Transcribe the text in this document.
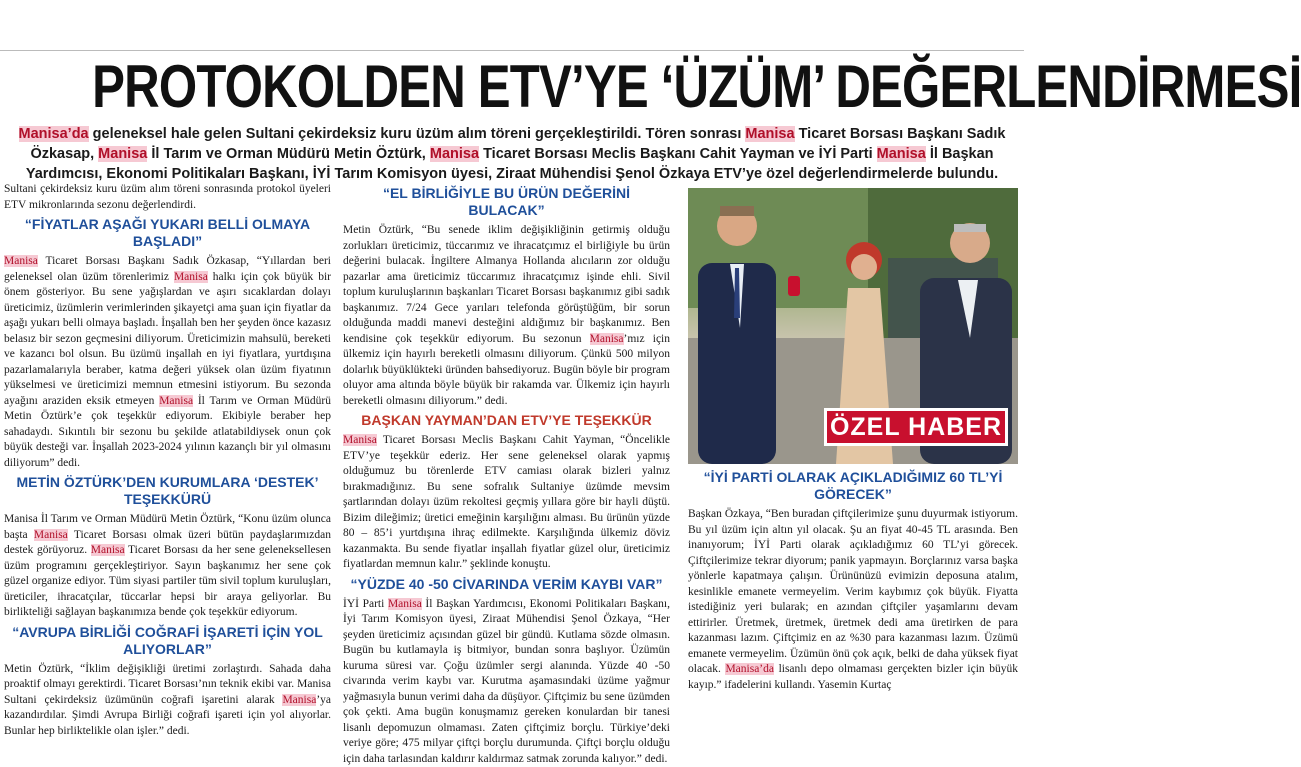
PROTOKOLDEN ETV’YE ‘ÜZÜM’ DEĞERLENDİRMESİ
Manisa’da geleneksel hale gelen Sultani çekirdeksiz kuru üzüm alım töreni gerçekleştirildi. Tören sonrası Manisa Ticaret Borsası Başkanı Sadık Özkasap, Manisa İl Tarım ve Orman Müdürü Metin Öztürk, Manisa Ticaret Borsası Meclis Başkanı Cahit Yayman ve İYİ Parti Manisa İl Başkan Yardımcısı, Ekonomi Politikaları Başkanı, İYİ Tarım Komisyon üyesi, Ziraat Mühendisi Şenol Özkaya ETV’ye özel değerlendirmelerde bulundu.

Sultani çekirdeksiz kuru üzüm alım töreni sonrasında protokol üyeleri ETV mikronlarında sezonu değerlendirdi.

“FİYATLAR AŞAĞI YUKARI BELLİ OLMAYA BAŞLADI”

Manisa Ticaret Borsası Başkanı Sadık Özkasap, “Yıllardan beri geleneksel olan üzüm törenlerimiz Manisa halkı için çok büyük bir önem gösteriyor. Bu sene yağışlardan ve aşırı sıcaklardan dolayı üreticimiz, üzümlerin verimlerinden şikayetçi ama şuan için fiyatlar da aşağı yukarı belli olmaya başladı. İnşallah ben her şeyden önce kazasız belasız bir sezon geçmesini diliyorum. Üreticimizin mahsulü, bereketi ve kazancı bol olsun. Bu üzümü inşallah en iyi fiyatlara, yurtdışına pazarlamalarıyla beraber, katma değeri yüksek olan üzüm fiyatının yükselmesi ve üreticimizi memnun etmesini istiyorum. Bu sezonda ayağını araziden eksik etmeyen Manisa İl Tarım ve Orman Müdürü Metin Öztürk’e çok teşekkür ediyorum. Ekibiyle beraber hep sahadaydı. Sıkıntılı bir sezonu bu şekilde atlatabildiysek onun çok büyük desteği var. İnşallah 2023-2024 yılının kazançlı bir yıl olmasını diliyorum” dedi.

METİN ÖZTÜRK’DEN KURUMLARA ‘DESTEK’ TEŞEKKÜRÜ

Manisa İl Tarım ve Orman Müdürü Metin Öztürk, “Konu üzüm olunca başta Manisa Ticaret Borsası olmak üzeri bütün paydaşlarımızdan destek görüyoruz. Manisa Ticaret Borsası da her sene geleneksellesen üzüm programını gerçekleştiriyor. Sayın başkanımız her sene çok güzel organize ediyor. Tüm siyasi partiler tüm sivil toplum kuruluşları, üreticiler, ihracatçılar, tüccarlar hepsi bir araya geliyorlar. Bu birlikteliği sağlayan başkanımıza bende çok teşekkür ediyorum.

“AVRUPA BİRLİĞİ COĞRAFİ İŞARETİ İÇİN YOL ALIYORLAR”

Metin Öztürk, “İklim değişikliği üretimi zorlaştırdı. Sahada daha proaktif olmayı gerektirdi. Ticaret Borsası’nın teknik ekibi var. Manisa Sultani çekirdeksiz üzümünün coğrafi işaretini alarak Manisa’ya kazandırdılar. Şimdi Avrupa Birliği coğrafi işareti için yol alıyorlar. Bunlar hep birliktelikle olan işler.” dedi.

“EL BİRLİĞİYLE BU ÜRÜN DEĞERİNİ BULACAK”

Metin Öztürk, “Bu senede iklim değişikliğinin getirmiş olduğu zorlukları üreticimiz, tüccarımız ve ihracatçımız el birliğiyle bu ürün değerini bulacak. İngiltere Almanya Hollanda alıcıların zor olduğu pazarlar ama üreticimiz tüccarımız ihracatçımız işinde ehli. Sivil toplum kuruluşlarının başkanları Ticaret Borsası başkanımız gibi sadık başkanımız. 7/24 Gece yarıları telefonda görüştüğüm, bir sorun olduğunda maddi manevi desteğini aldığımız bir başkanımız. Ben kendisine çok teşekkür ediyorum. Bu sezonun Manisa’mız için ülkemiz için hayırlı bereketli olmasını diliyorum. Çünkü 500 milyon dolarlık büyüklükteki üründen bahsediyoruz. Bugün böyle bir program oluyor ama altında böyle büyük bir rakamda var. Ülkemiz için hayırlı bereketli olmasını diliyorum.” dedi.

BAŞKAN YAYMAN’DAN ETV’YE TEŞEKKÜR

Manisa Ticaret Borsası Meclis Başkanı Cahit Yayman, “Öncelikle ETV’ye teşekkür ederiz. Her sene geleneksel olarak yapmış olduğumuz bu törenlerde ETV camiası olarak bizleri yalnız bırakmadığınız. Bu sene sofralık Sultaniye üzümde mevsim şartlarından dolayı üzüm rekoltesi geçmiş yıllara göre bir hayli düştü. Bizim dileğimiz; üretici emeğinin karşılığını alması. Bu ürünün yüzde 80 – 85’i yurtdışına ihraç edilmekte. Karşılığında ülkemiz döviz kazanmakta. Bu sende fiyatlar inşallah fiyatlar güzel olur, üreticimiz fiyatlardan memnun kalır.” şeklinde konuştu.

“YÜZDE 40 -50 CİVARINDA VERİM KAYBI VAR”

İYİ Parti Manisa İl Başkan Yardımcısı, Ekonomi Politikaları Başkanı, İyi Tarım Komisyon üyesi, Ziraat Mühendisi Şenol Özkaya, “Her şeyden üreticimiz açısından güzel bir gündü. Kutlama sözde olmasın. Bugün bu kutlamayla iş bitmiyor, bundan sonra başlıyor. Üzümün kuruma süresi var. Çoğu üzümler sergi alanında. Yüzde 40 -50 civarında verim kaybı var. Kurutma aşamasındaki üzüme yağmur yağmasıyla bunun verimi daha da düşüyor. Çiftçimiz bu sene üzümden çok çekti. Ama bugün konuşmamız gereken konulardan bir tanesi lisanlı depomuzun olmaması. Zaten çiftçimiz borçlu. Türkiye’deki veriye göre; 475 milyar çiftçi borçlu durumunda. Çiftçi borçlu olduğu için daha tarlasından kaldırır kaldırmaz satmak zorunda kalıyor.” dedi.

ÖZEL HABER
“İYİ PARTİ OLARAK AÇIKLADIĞIMIZ 60 TL’Yİ GÖRECEK”

Başkan Özkaya, “Ben buradan çiftçilerimize şunu duyurmak istiyorum. Bu yıl üzüm için altın yıl olacak. Şu an fiyat 40-45 TL arasında. Ben inanıyorum; İYİ Parti olarak açıkladığımız 60 TL’yi görecek. Çiftçilerimize tekrar diyorum; panik yapmayın. Borçlarınız varsa başka yönlerle kapatmaya çalışın. Ürününüzü evimizin deposuna atalım, kesinlikle emanete vermeyelim. Verim kaybımız çok büyük. Fiyatta istediğiniz yeri bularak; en azından çiftçiler yaşamlarını devam ettirirler. Üretmek, üretmek, üretmek dedi ama üretirken de para kazanması lazım. Çiftçimiz en az %30 para kazanması lazım. Üzümü emanete vermeyelim. Üzümün önü çok açık, belki de daha yüksek fiyat olacak. Manisa’da lisanlı depo olmaması gerçekten bizler için büyük kayıp.” ifadelerini kullandı. Yasemin Kurtaç
